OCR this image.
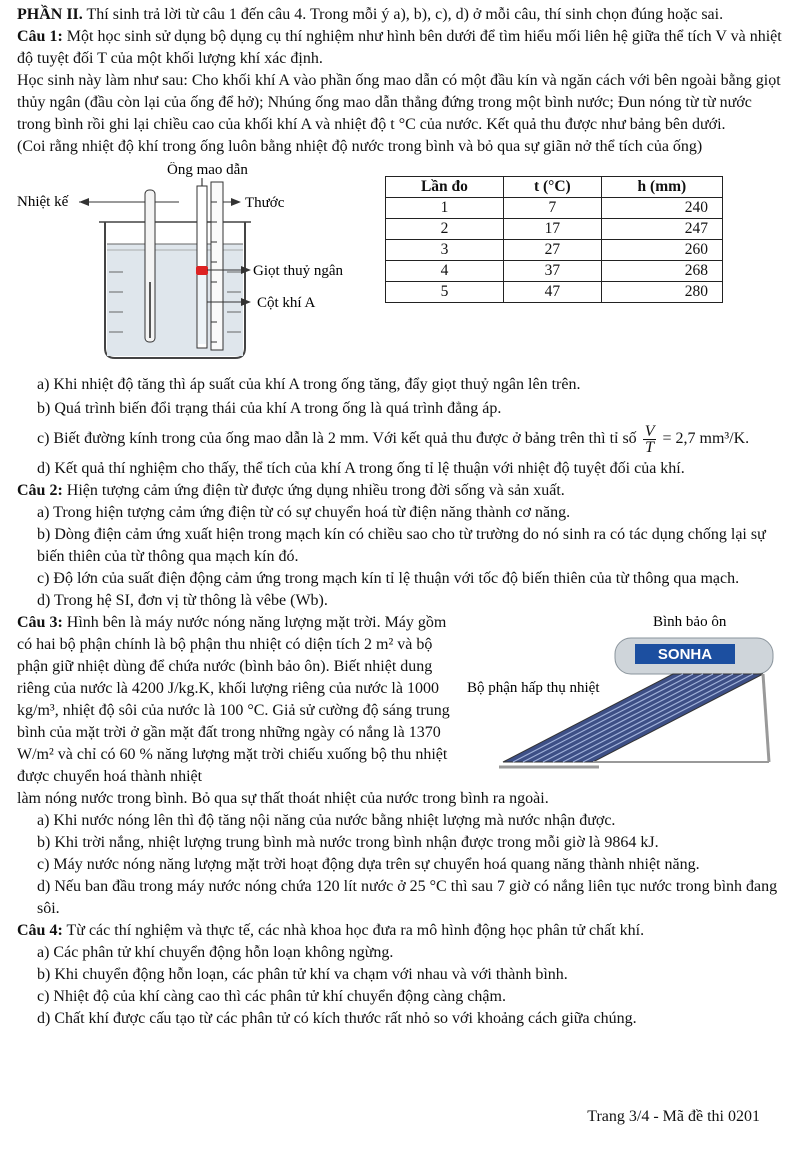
PHẦN II. Thí sinh trả lời từ câu 1 đến câu 4. Trong mỗi ý a), b), c), d) ở mỗi câu, thí sinh chọn đúng hoặc sai.

Câu 1: Một học sinh sử dụng bộ dụng cụ thí nghiệm như hình bên dưới để tìm hiểu mối liên hệ giữa thể tích V và nhiệt độ tuyệt đối T của một khối lượng khí xác định.

Học sinh này làm như sau: Cho khối khí A vào phần ống mao dẫn có một đầu kín và ngăn cách với bên ngoài bằng giọt thủy ngân (đầu còn lại của ống để hở); Nhúng ống mao dẫn thẳng đứng trong một bình nước; Đun nóng từ từ nước trong bình rồi ghi lại chiều cao của khối khí A và nhiệt độ t °C của nước. Kết quả thu được như bảng bên dưới.

(Coi rằng nhiệt độ khí trong ống luôn bằng nhiệt độ nước trong bình và bỏ qua sự giãn nở thể tích của ống)

Ống mao dẫn
Nhiệt kế	Thước
Giọt thuỷ ngân
Cột khí A
Lần đo	t (°C)	h (mm)
1	7	240
2	17	247
3	27	260
4	37	268
5	47	280

a) Khi nhiệt độ tăng thì áp suất của khí A trong ống tăng, đẩy giọt thuỷ ngân lên trên.

b) Quá trình biến đổi trạng thái của khí A trong ống là quá trình đẳng áp.

c) Biết đường kính trong của ống mao dẫn là 2 mm. Với kết quả thu được ở bảng trên thì tỉ số $\frac{V}{T} = 2,7$ mm³/K.

d) Kết quả thí nghiệm cho thấy, thể tích của khí A trong ống tỉ lệ thuận với nhiệt độ tuyệt đối của khí.

Câu 2: Hiện tượng cảm ứng điện từ được ứng dụng nhiều trong đời sống và sản xuất.

a) Trong hiện tượng cảm ứng điện từ có sự chuyển hoá từ điện năng thành cơ năng.

b) Dòng điện cảm ứng xuất hiện trong mạch kín có chiều sao cho từ trường do nó sinh ra có tác dụng chống lại sự biến thiên của từ thông qua mạch kín đó.

c) Độ lớn của suất điện động cảm ứng trong mạch kín tỉ lệ thuận với tốc độ biến thiên của từ thông qua mạch.

d) Trong hệ SI, đơn vị từ thông là vêbe (Wb).

Câu 3: Hình bên là máy nước nóng năng lượng mặt trời. Máy gồm có hai bộ phận chính là bộ phận thu nhiệt có diện tích 2 m² và bộ phận giữ nhiệt dùng để chứa nước (bình bảo ôn). Biết nhiệt dung riêng của nước là 4200 J/kg.K, khối lượng riêng của nước là 1000 kg/m³, nhiệt độ sôi của nước là 100 °C. Giả sử cường độ sáng trung bình của mặt trời ở gần mặt đất trong những ngày có nắng là 1370 W/m² và chỉ có 60 % năng lượng mặt trời chiếu xuống bộ thu nhiệt được chuyển hoá thành nhiệt

Bình bảo ôn
SONHA
Bộ phận hấp thụ nhiệt

làm nóng nước trong bình. Bỏ qua sự thất thoát nhiệt của nước trong bình ra ngoài.

a) Khi nước nóng lên thì độ tăng nội năng của nước bằng nhiệt lượng mà nước nhận được.

b) Khi trời nắng, nhiệt lượng trung bình mà nước trong bình nhận được trong mỗi giờ là 9864 kJ.

c) Máy nước nóng năng lượng mặt trời hoạt động dựa trên sự chuyển hoá quang năng thành nhiệt năng.

d) Nếu ban đầu trong máy nước nóng chứa 120 lít nước ở 25 °C thì sau 7 giờ có nắng liên tục nước trong bình đang sôi.

Câu 4: Từ các thí nghiệm và thực tế, các nhà khoa học đưa ra mô hình động học phân tử chất khí.

a) Các phân tử khí chuyển động hỗn loạn không ngừng.

b) Khi chuyển động hỗn loạn, các phân tử khí va chạm với nhau và với thành bình.

c) Nhiệt độ của khí càng cao thì các phân tử khí chuyển động càng chậm.

d) Chất khí được cấu tạo từ các phân tử có kích thước rất nhỏ so với khoảng cách giữa chúng.

Trang 3/4 - Mã đề thi 0201
